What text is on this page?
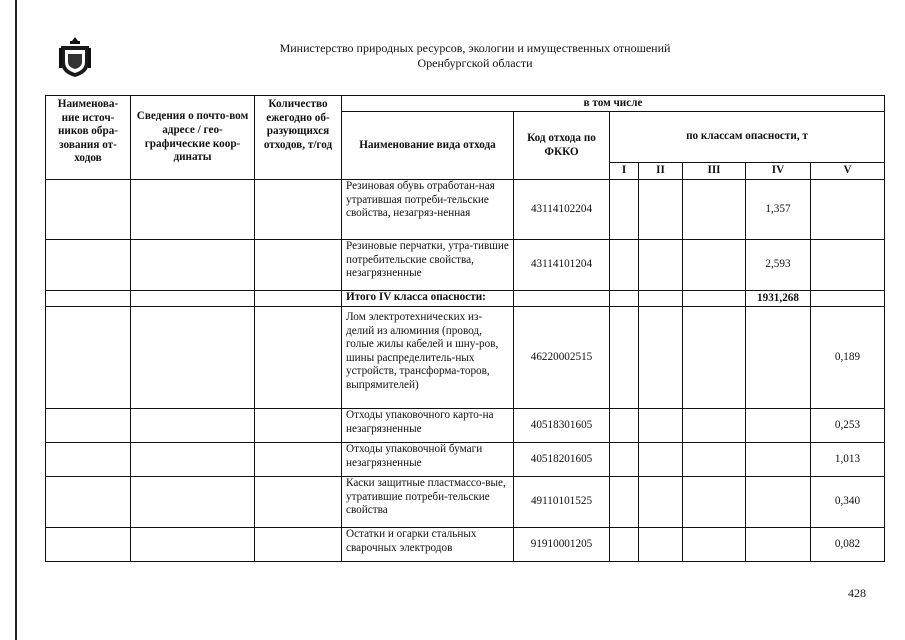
Министерство природных ресурсов, экологии и имущественных отношений
Оренбургской области
Наименова-ние источ-ников обра-зования от-ходов	Сведения о почто-вом адресе / гео-графические коор-динаты	Количество ежегодно об-разующихся отходов, т/год	в том числе						
			Наименование вида отхода	Код отхода по ФККО	по классам опасности, т				
					I	II	III	IV	V
			Резиновая обувь отработан-ная утратившая потреби-тельские свойства, незагряз-ненная	43114102204				1,357	
			Резиновые перчатки, утра-тившие потребительские свойства, незагрязненные	43114101204				2,593	
			Итого IV класса опасности:					1931,268	
			Лом электротехнических из-делий из алюминия (провод, голые жилы кабелей и шну-ров, шины распределитель-ных устройств, трансформа-торов, выпрямителей)	46220002515					0,189
			Отходы упаковочного карто-на незагрязненные	40518301605					0,253
			Отходы упаковочной бумаги незагрязненные	40518201605					1,013
			Каски защитные пластмассо-вые, утратившие потреби-тельские свойства	49110101525					0,340
			Остатки и огарки стальных сварочных электродов	91910001205					0,082
428
